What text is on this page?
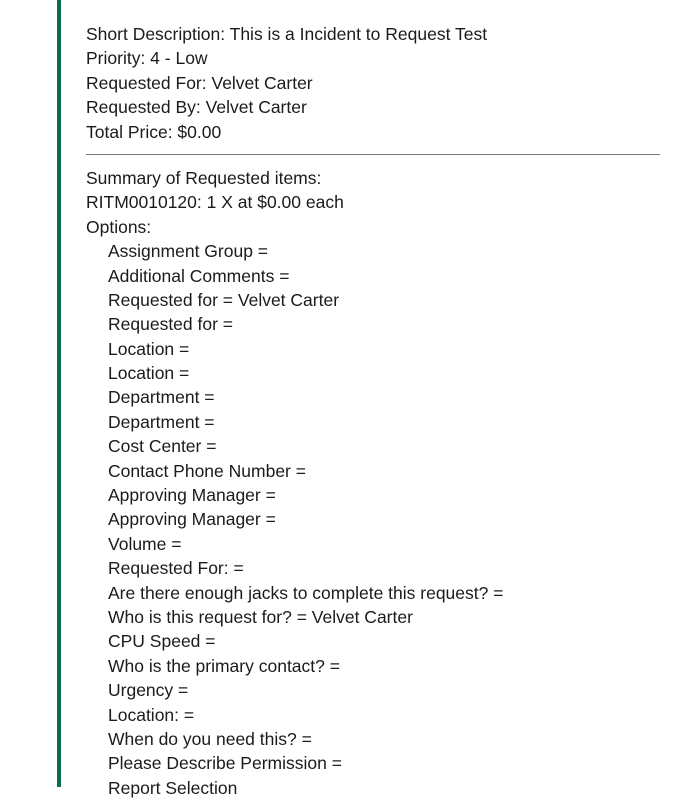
Short Description: This is a Incident to Request Test
Priority: 4 - Low
Requested For: Velvet Carter
Requested By: Velvet Carter
Total Price: $0.00
Summary of Requested items:
RITM0010120: 1 X at $0.00 each
Options:
Assignment Group =
Additional Comments =
Requested for = Velvet Carter
Requested for =
Location =
Location =
Department =
Department =
Cost Center =
Contact Phone Number =
Approving Manager =
Approving Manager =
Volume =
Requested For: =
Are there enough jacks to complete this request? =
Who is this request for? = Velvet Carter
CPU Speed =
Who is the primary contact? =
Urgency =
Location: =
When do you need this? =
Please Describe Permission =
Report Selection
